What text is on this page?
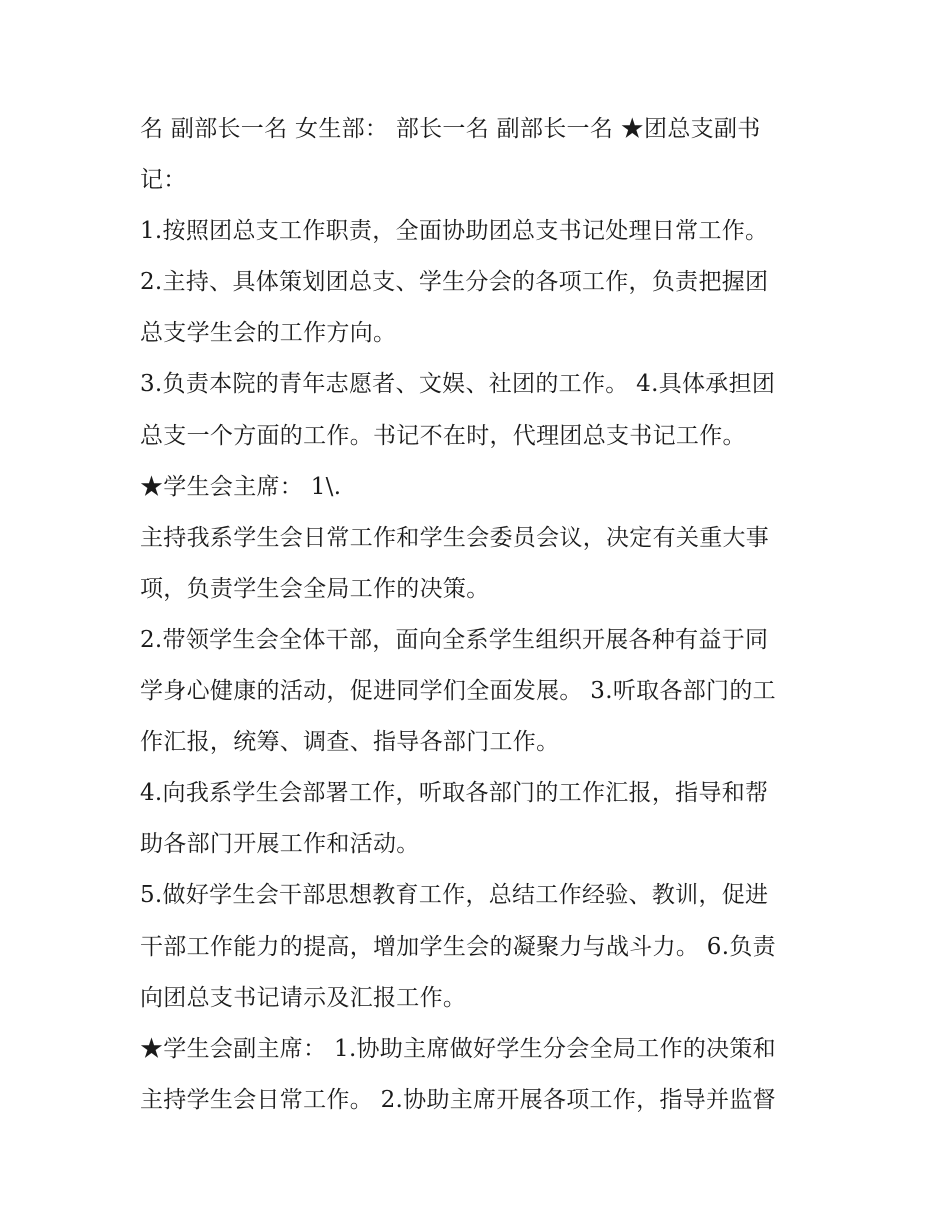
名 副部长一名 女生部： 部长一名 副部长一名 ★团总支副书
记：
1.按照团总支工作职责，全面协助团总支书记处理日常工作。
2.主持、具体策划团总支、学生分会的各项工作，负责把握团
总支学生会的工作方向。
3.负责本院的青年志愿者、文娱、社团的工作。 4.具体承担团
总支一个方面的工作。书记不在时，代理团总支书记工作。
★学生会主席： 1\.
主持我系学生会日常工作和学生会委员会议，决定有关重大事
项，负责学生会全局工作的决策。
2.带领学生会全体干部，面向全系学生组织开展各种有益于同
学身心健康的活动，促进同学们全面发展。 3.听取各部门的工
作汇报，统筹、调查、指导各部门工作。
4.向我系学生会部署工作，听取各部门的工作汇报，指导和帮
助各部门开展工作和活动。
5.做好学生会干部思想教育工作，总结工作经验、教训，促进
干部工作能力的提高，增加学生会的凝聚力与战斗力。 6.负责
向团总支书记请示及汇报工作。
★学生会副主席： 1.协助主席做好学生分会全局工作的决策和
主持学生会日常工作。 2.协助主席开展各项工作，指导并监督
